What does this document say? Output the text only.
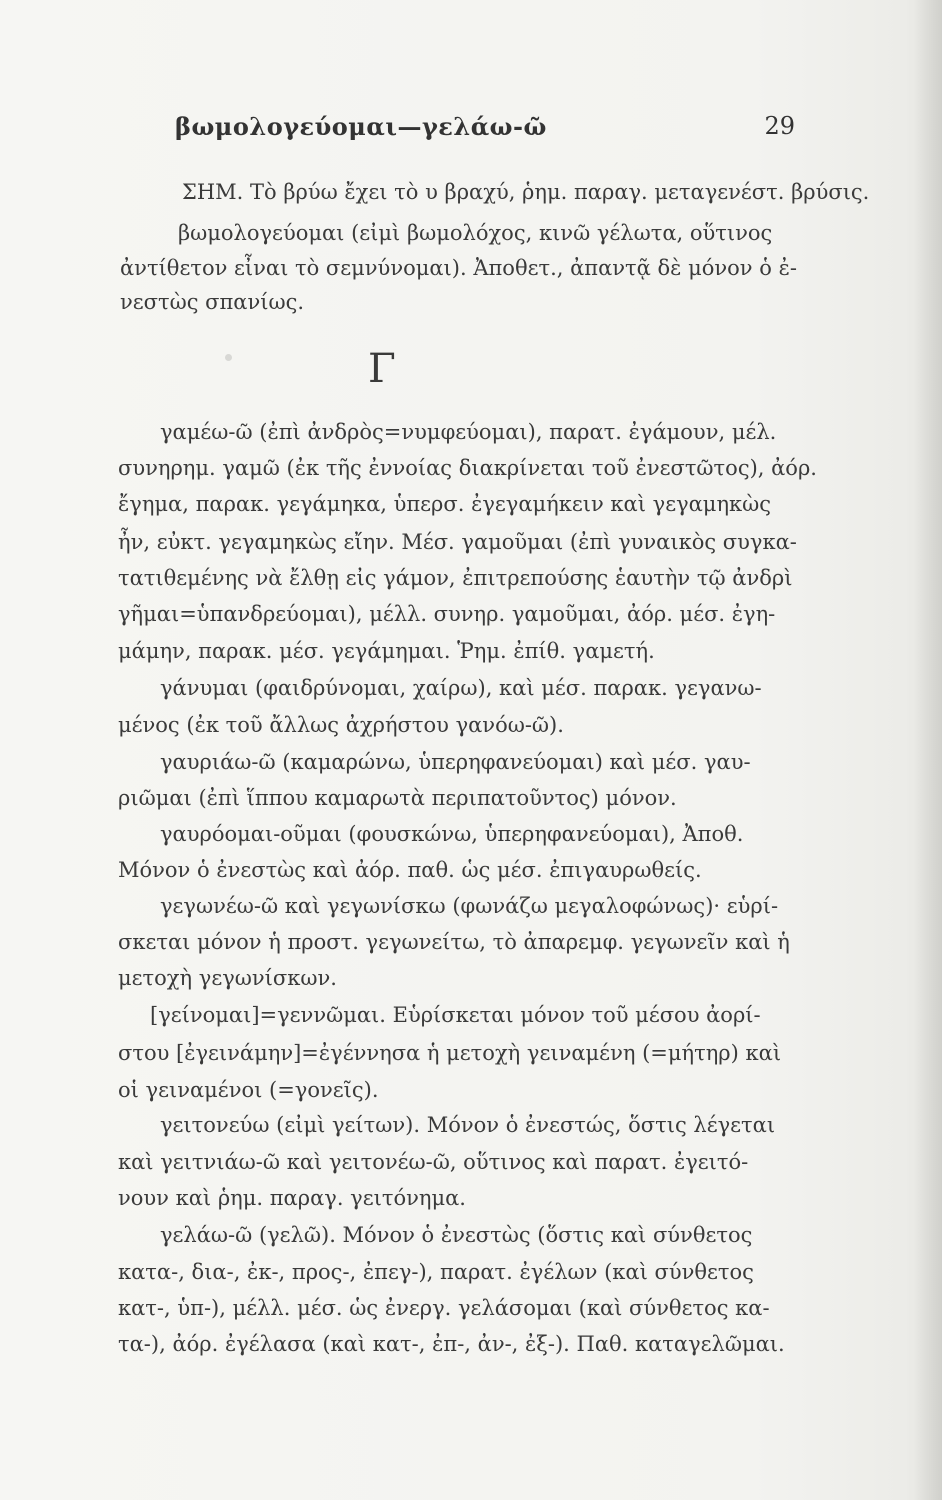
βωμολογεύομαι—γελάω-ῶ	29
ΣΗΜ. Τὸ βρύω ἔχει τὸ υ βραχύ, ῥημ. παραγ. μεταγενέστ. βρύσις.
βωμολογεύομαι (εἰμὶ βωμολόχος, κινῶ γέλωτα, οὕτινος
ἀντίθετον εἶναι τὸ σεμνύνομαι). Ἀποθετ., ἀπαντᾷ δὲ μόνον ὁ ἐ-
νεστὼς σπανίως.
Γ
γαμέω-ῶ (ἐπὶ ἀνδρὸς=νυμφεύομαι), παρατ. ἐγάμουν, μέλ.
συνηρημ. γαμῶ (ἐκ τῆς ἐννοίας διακρίνεται τοῦ ἐνεστῶτος), ἀόρ.
ἔγημα, παρακ. γεγάμηκα, ὑπερσ. ἐγεγαμήκειν καὶ γεγαμηκὼς
ἦν, εὐκτ. γεγαμηκὼς εἴην. Μέσ. γαμοῦμαι (ἐπὶ γυναικὸς συγκα-
τατιθεμένης νὰ ἔλθῃ εἰς γάμον, ἐπιτρεπούσης ἑαυτὴν τῷ ἀνδρὶ
γῆμαι=ὑπανδρεύομαι), μέλλ. συνηρ. γαμοῦμαι, ἀόρ. μέσ. ἐγη-
μάμην, παρακ. μέσ. γεγάμημαι. Ῥημ. ἐπίθ. γαμετή.
γάνυμαι (φαιδρύνομαι, χαίρω), καὶ μέσ. παρακ. γεγανω-
μένος (ἐκ τοῦ ἄλλως ἀχρήστου γανόω-ῶ).
γαυριάω-ῶ (καμαρώνω, ὑπερηφανεύομαι) καὶ μέσ. γαυ-
ριῶμαι (ἐπὶ ἵππου καμαρωτὰ περιπατοῦντος) μόνον.
γαυρόομαι-οῦμαι (φουσκώνω, ὑπερηφανεύομαι), Ἀποθ.
Μόνον ὁ ἐνεστὼς καὶ ἀόρ. παθ. ὡς μέσ. ἐπιγαυρωθείς.
γεγωνέω-ῶ καὶ γεγωνίσκω (φωνάζω μεγαλοφώνως)· εὑρί-
σκεται μόνον ἡ προστ. γεγωνείτω, τὸ ἀπαρεμφ. γεγωνεῖν καὶ ἡ
μετοχὴ γεγωνίσκων.
[γείνομαι]=γεννῶμαι. Εὑρίσκεται μόνον τοῦ μέσου ἀορί-
στου [ἐγεινάμην]=ἐγέννησα ἡ μετοχὴ γειναμένη (=μήτηρ) καὶ
οἱ γειναμένοι (=γονεῖς).
γειτονεύω (εἰμὶ γείτων). Μόνον ὁ ἐνεστώς, ὅστις λέγεται
καὶ γειτνιάω-ῶ καὶ γειτονέω-ῶ, οὕτινος καὶ παρατ. ἐγειτό-
νουν καὶ ῥημ. παραγ. γειτόνημα.
γελάω-ῶ (γελῶ). Μόνον ὁ ἐνεστὼς (ὅστις καὶ σύνθετος
κατα-, δια-, ἐκ-, προς-, ἐπεγ-), παρατ. ἐγέλων (καὶ σύνθετος
κατ-, ὑπ-), μέλλ. μέσ. ὡς ἐνεργ. γελάσομαι (καὶ σύνθετος κα-
τα-), ἀόρ. ἐγέλασα (καὶ κατ-, ἐπ-, ἀν-, ἐξ-). Παθ. καταγελῶμαι.
